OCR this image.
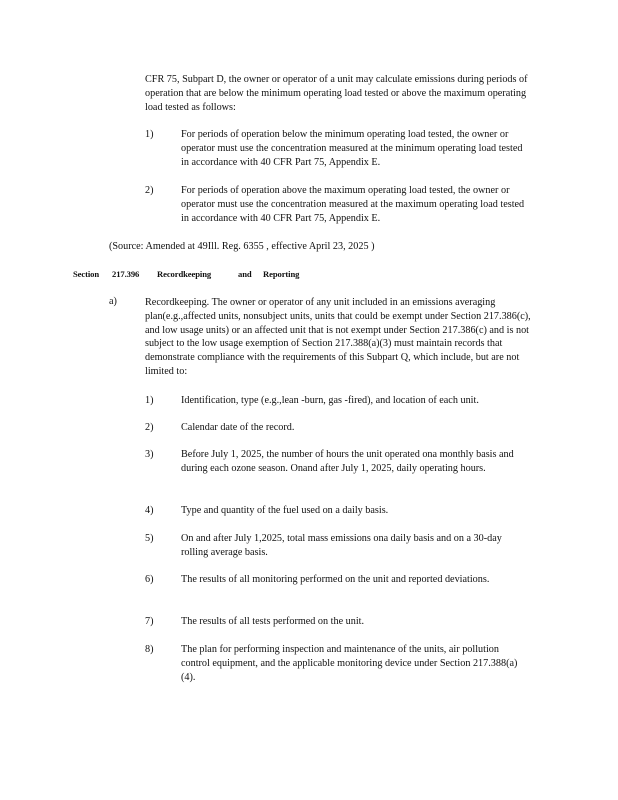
CFR 75, Subpart D, the owner or operator of a unit may calculate emissions during periods of operation that are below the minimum operating load tested or above the maximum operating load tested as follows:

1)	For periods of operation below the minimum operating load tested, the owner or operator must use the concentration measured at the minimum operating load tested in accordance with 40 CFR Part 75, Appendix E.

2)	For periods of operation above the maximum operating load tested, the owner or operator must use the concentration measured at the maximum operating load tested in accordance with 40 CFR Part 75, Appendix E.

(Source: Amended at 49Ill. Reg. 6355 , effective April 23, 2025 )
Section 217.396 Recordkeeping	and Reporting
a)	Recordkeeping. The owner or operator of any unit included in an emissions averaging plan(e.g.,affected units, nonsubject units, units that could be exempt under Section 217.386(c), and low usage units) or an affected unit that is not exempt under Section 217.386(c) and is not subject to the low usage exemption of Section 217.388(a)(3) must maintain records that demonstrate compliance with the requirements of this Subpart Q, which include, but are not limited to:

1)	Identification, type (e.g.,lean -burn, gas -fired), and location of each unit.

2)	Calendar date of the record.

3)	Before July 1, 2025, the number of hours the unit operated ona monthly basis and during each ozone season. Onand after July 1, 2025, daily operating hours.

4)	Type and quantity of the fuel used on a daily basis.

5)	On and after July 1,2025, total mass emissions ona daily basis and on a 30-day rolling average basis.

6)	The results of all monitoring performed on the unit and reported deviations.

7)	The results of all tests performed on the unit.

8)	The plan for performing inspection and maintenance of the units, air pollution control equipment, and the applicable monitoring device under Section 217.388(a)(4).
